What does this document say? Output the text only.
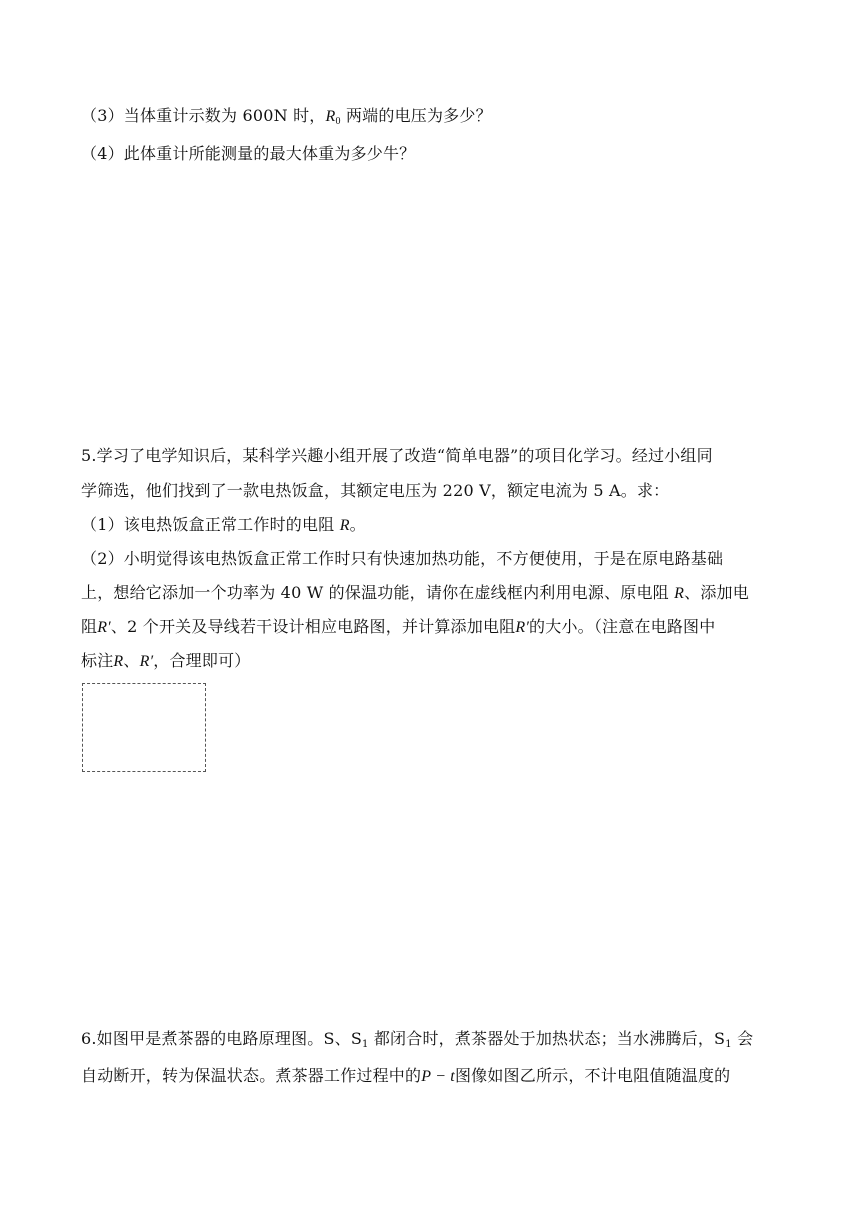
（3）当体重计示数为 600N 时，$R_0$ 两端的电压为多少？
（4）此体重计所能测量的最大体重为多少牛？
5.学习了电学知识后，某科学兴趣小组开展了改造“简单电器”的项目化学习。经过小组同
学筛选，他们找到了一款电热饭盒，其额定电压为 220 V，额定电流为 5 A。求：
（1）该电热饭盒正常工作时的电阻 R。
（2）小明觉得该电热饭盒正常工作时只有快速加热功能，不方便使用，于是在原电路基础
上，想给它添加一个功率为 40 W 的保温功能，请你在虚线框内利用电源、原电阻 R、添加电
阻R′、2 个开关及导线若干设计相应电路图，并计算添加电阻R′的大小。（注意在电路图中
标注R、R′，合理即可）
6.如图甲是煮茶器的电路原理图。S、$S_1$ 都闭合时，煮茶器处于加热状态；当水沸腾后，$S_1$ 会
自动断开，转为保温状态。煮茶器工作过程中的P − t图像如图乙所示，不计电阻值随温度的
